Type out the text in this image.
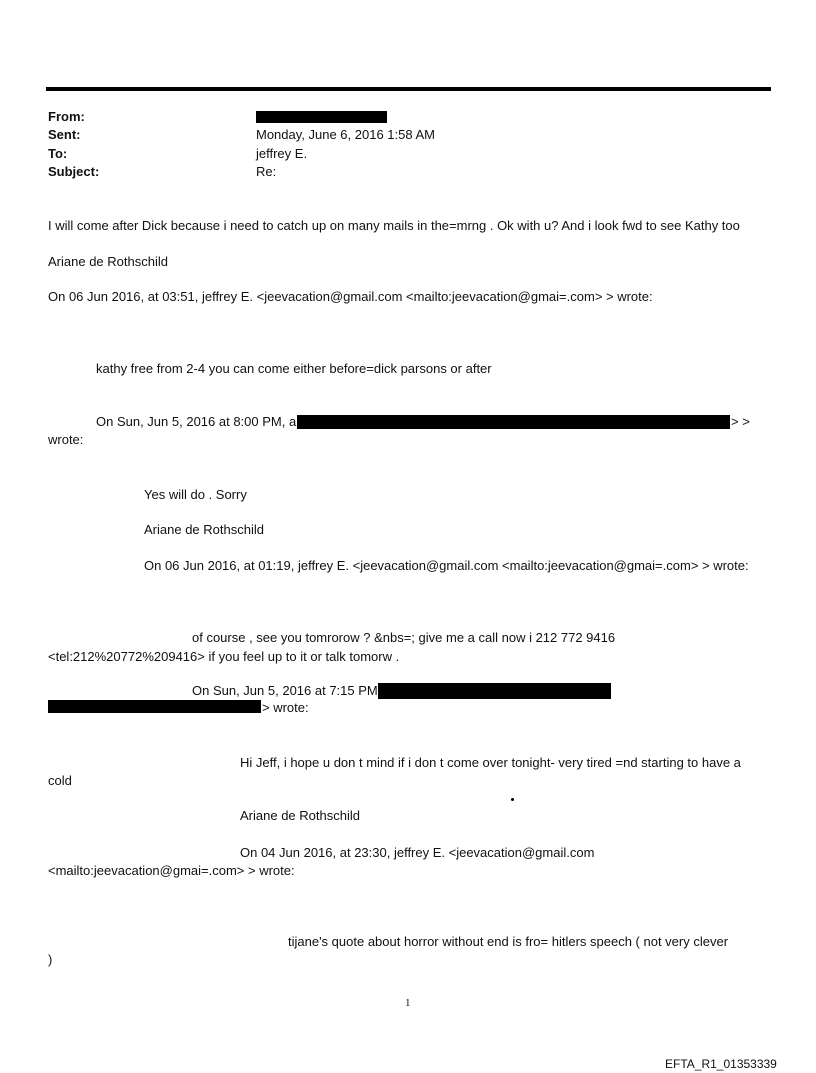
From:
Sent:	Monday, June 6, 2016 1:58 AM
To:	jeffrey E.
Subject:	Re:
I will come after Dick because i need to catch up on many mails in the=mrng . Ok with u? And i look fwd to see Kathy too
Ariane de Rothschild
On 06 Jun 2016, at 03:51, jeffrey E. <jeevacation@gmail.com <mailto:jeevacation@gmai=.com> > wrote:
kathy free from 2-4 you can come either before=dick parsons or after
On Sun, Jun 5, 2016 at 8:00 PM, a	> >
wrote:
Yes will do . Sorry
Ariane de Rothschild
On 06 Jun 2016, at 01:19, jeffrey E. <jeevacation@gmail.com <mailto:jeevacation@gmai=.com> > wrote:
of course , see you tomrorow ? &nbs=; give me a call now i 212 772 9416
<tel:212%20772%209416> if you feel up to it or talk tomorw .
On Sun, Jun 5, 2016 at 7:15 PM
> wrote:
Hi Jeff, i hope u don t mind if i don t come over tonight- very tired =nd starting to have a
cold
Ariane de Rothschild
On 04 Jun 2016, at 23:30, jeffrey E. <jeevacation@gmail.com
<mailto:jeevacation@gmai=.com> > wrote:
tijane's quote about horror without end is fro= hitlers speech ( not very clever
)
1
EFTA_R1_01353339
